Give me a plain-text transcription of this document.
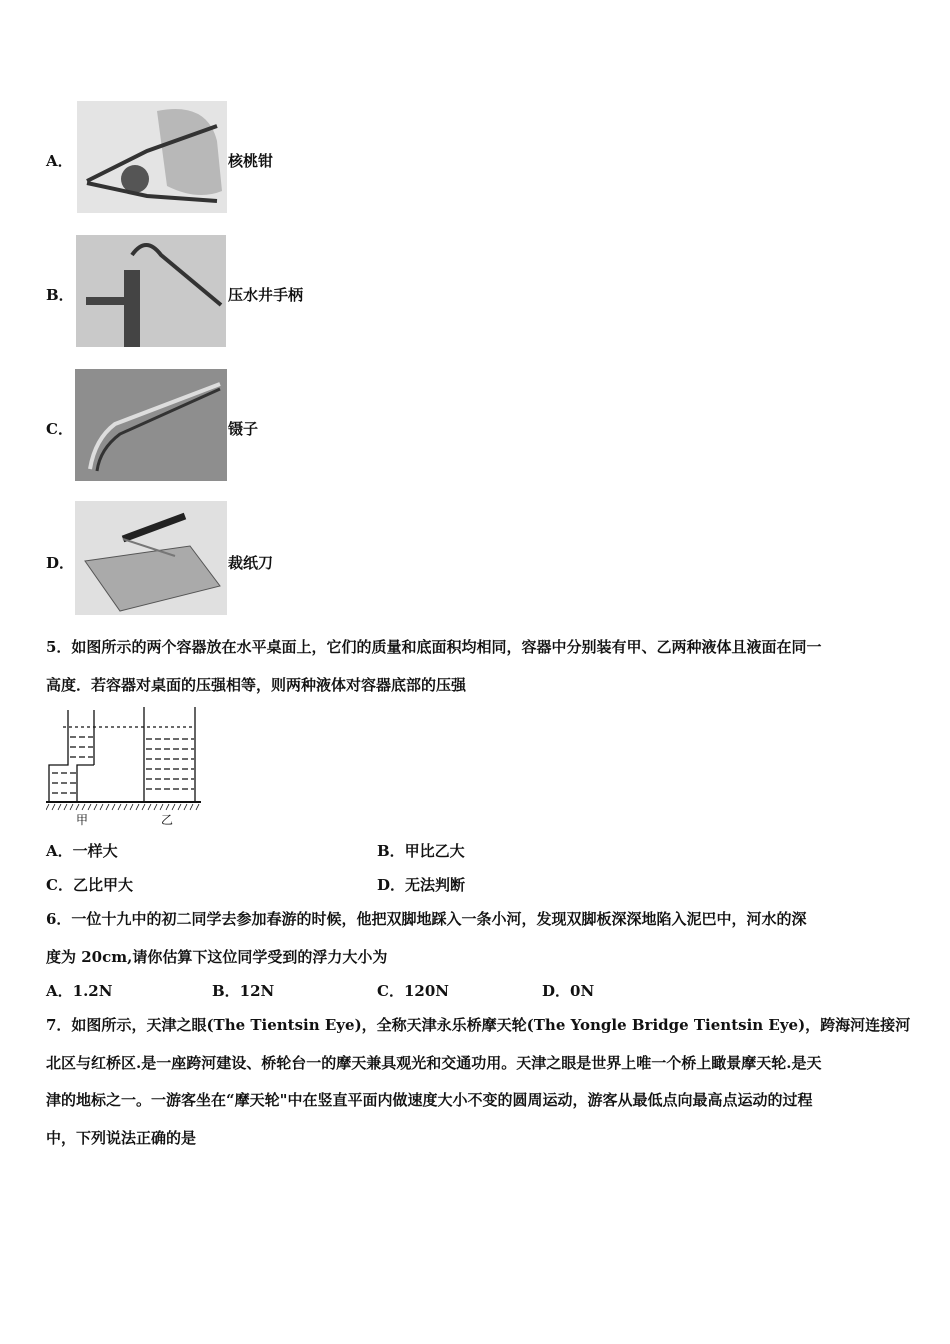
A．	核桃钳
B．	压水井手柄
C．	镊子
D．	裁纸刀
5．如图所示的两个容器放在水平桌面上，它们的质量和底面积均相同，容器中分别装有甲、乙两种液体且液面在同一
高度．若容器对桌面的压强相等，则两种液体对容器底部的压强
甲	乙
A．一样大	B．甲比乙大
C．乙比甲大	D．无法判断
6．一位十九中的初二同学去参加春游的时候，他把双脚地踩入一条小河，发现双脚板深深地陷入泥巴中，河水的深
度为 20cm,请你估算下这位同学受到的浮力大小为
A．1.2N	B．12N	C．120N	D．0N
7．如图所示，天津之眼(The Tientsin Eye)，全称天津永乐桥摩天轮(The Yongle Bridge Tientsin Eye)，跨海河连接河
北区与红桥区.是一座跨河建设、桥轮台一的摩天兼具观光和交通功用。天津之眼是世界上唯一个桥上瞰景摩天轮.是天
津的地标之一。一游客坐在“摩天轮"中在竖直平面内做速度大小不变的圆周运动，游客从最低点向最高点运动的过程
中，下列说法正确的是
